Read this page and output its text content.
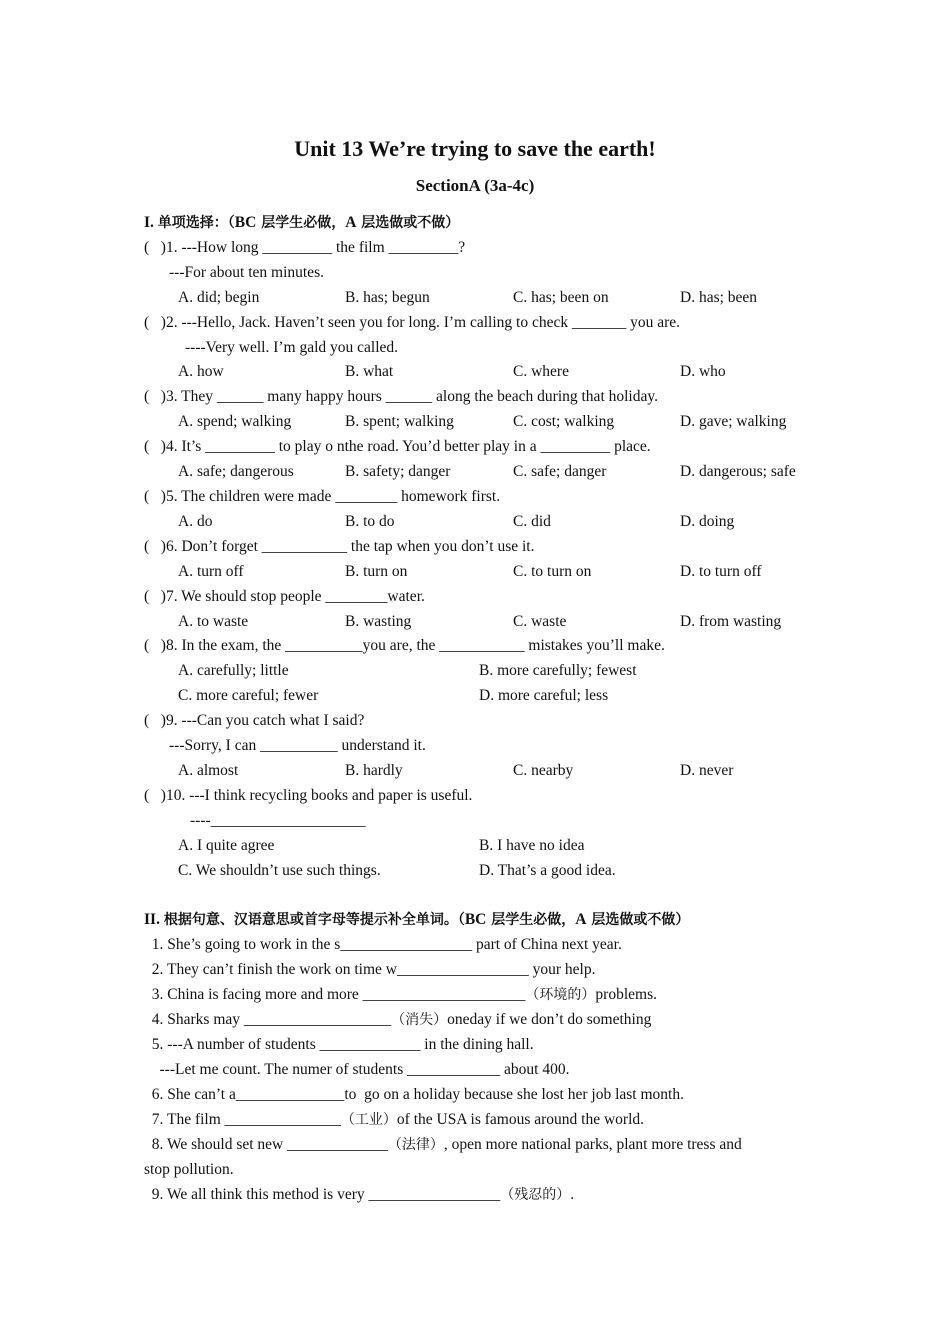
Unit 13 We’re trying to save the earth!
SectionA (3a-4c)
I. 单项选择：（BC 层学生必做，A 层选做或不做）
(   )1. ---How long _________ the film _________?
---For about ten minutes.
A. did; begin	B. has; begun	C. has; been on	D. has; been
(   )2. ---Hello, Jack. Haven’t seen you for long. I’m calling to check _______ you are.
----Very well. I’m gald you called.
A. how	B. what	C. where	D. who
(   )3. They ______ many happy hours ______ along the beach during that holiday.
A. spend; walking	B. spent; walking	C. cost; walking	D. gave; walking
(   )4. It’s _________ to play o nthe road. You’d better play in a _________ place.
A. safe; dangerous	B. safety; danger	C. safe; danger	D. dangerous; safe
(   )5. The children were made ________ homework first.
A. do	B. to do	C. did	D. doing
(   )6. Don’t forget ___________ the tap when you don’t use it.
A. turn off	B. turn on	C. to turn on	D. to turn off
(   )7. We should stop people ________water.
A. to waste	B. wasting	C. waste	D. from wasting
(   )8. In the exam, the __________you are, the ___________ mistakes you’ll make.
A. carefully; little	B. more carefully; fewest
C. more careful; fewer	D. more careful; less
(   )9. ---Can you catch what I said?
---Sorry, I can __________ understand it.
A. almost	B. hardly	C. nearby	D. never
(   )10. ---I think recycling books and paper is useful.
----____________________
A. I quite agree	B. I have no idea
C. We shouldn’t use such things.	D. That’s a good idea.
II. 根据句意、汉语意思或首字母等提示补全单词。（BC 层学生必做，A 层选做或不做）
1. She’s going to work in the s_________________ part of China next year.
2. They can’t finish the work on time w_________________ your help.
3. China is facing more and more _____________________（环境的）problems.
4. Sharks may ___________________（消失）oneday if we don’t do something
5. ---A number of students _____________ in the dining hall.
---Let me count. The numer of students ____________ about 400.
6. She can’t a______________to  go on a holiday because she lost her job last month.
7. The film _______________（工业）of the USA is famous around the world.
8. We should set new _____________（法律）, open more national parks, plant more tress and
stop pollution.
9. We all think this method is very _________________（残忍的）.
